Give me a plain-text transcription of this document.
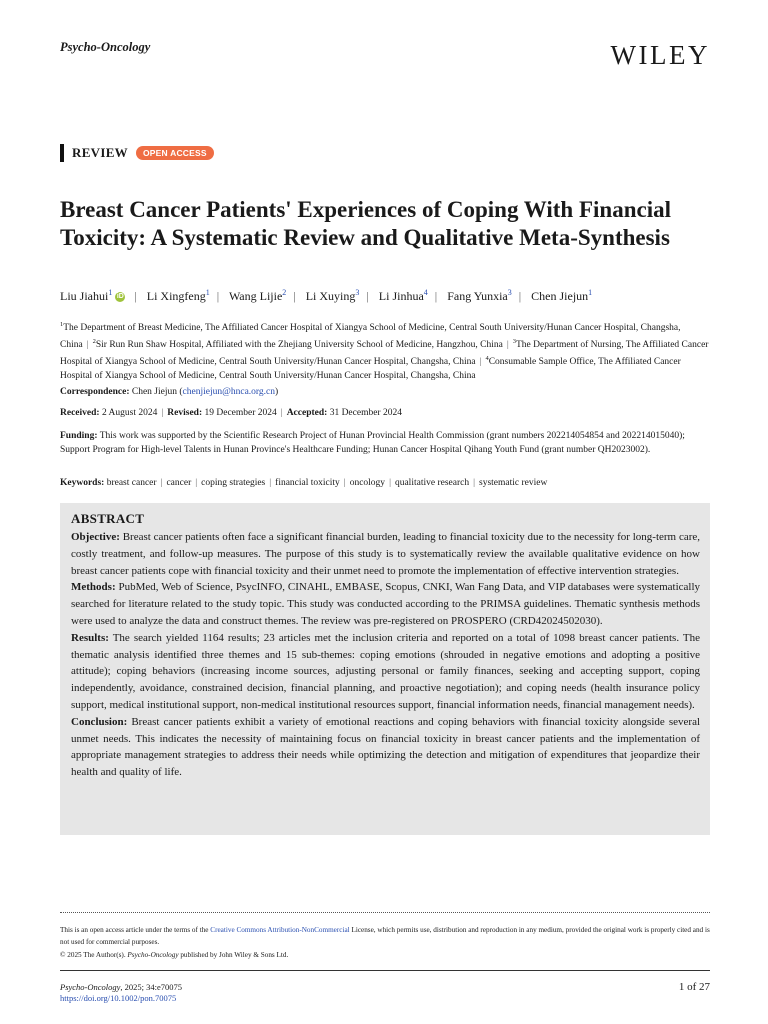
Psycho-Oncology	WILEY
REVIEW	OPEN ACCESS
Breast Cancer Patients' Experiences of Coping With Financial Toxicity: A Systematic Review and Qualitative Meta-Synthesis
Liu Jiahui$^1$ iD | Li Xingfeng$^1$ | Wang Lijie$^2$ | Li Xuying$^3$ | Li Jinhua$^4$ | Fang Yunxia$^3$ | Chen Jiejun$^1$

$^1$The Department of Breast Medicine, The Affiliated Cancer Hospital of Xiangya School of Medicine, Central South University/Hunan Cancer Hospital, Changsha, China | $^2$Sir Run Run Shaw Hospital, Affiliated with the Zhejiang University School of Medicine, Hangzhou, China | $^3$The Department of Nursing, The Affiliated Cancer Hospital of Xiangya School of Medicine, Central South University/Hunan Cancer Hospital, Changsha, China | $^4$Consumable Sample Office, The Affiliated Cancer Hospital of Xiangya School of Medicine, Central South University/Hunan Cancer Hospital, Changsha, China

Correspondence: Chen Jiejun (chenjiejun@hnca.org.cn)

Received: 2 August 2024 | Revised: 19 December 2024 | Accepted: 31 December 2024

Funding: This work was supported by the Scientific Research Project of Hunan Provincial Health Commission (grant numbers 202214054854 and 202214015040); Support Program for High-level Talents in Hunan Province's Healthcare Funding; Hunan Cancer Hospital Qihang Youth Fund (grant number QH2023002).

Keywords: breast cancer | cancer | coping strategies | financial toxicity | oncology | qualitative research | systematic review

ABSTRACT

Objective: Breast cancer patients often face a significant financial burden, leading to financial toxicity due to the necessity for long-term care, costly treatment, and follow-up measures. The purpose of this study is to systematically review the available qualitative evidence on how breast cancer patients cope with financial toxicity and their unmet need to promote the implementation of effective intervention strategies.

Methods: PubMed, Web of Science, PsycINFO, CINAHL, EMBASE, Scopus, CNKI, Wan Fang Data, and VIP databases were systematically searched for literature related to the study topic. This study was conducted according to the PRIMSA guidelines. Thematic synthesis methods were used to analyze the data and construct themes. The review was pre-registered on PROSPERO (CRD42024502030).

Results: The search yielded 1164 results; 23 articles met the inclusion criteria and reported on a total of 1098 breast cancer patients. The thematic analysis identified three themes and 15 sub-themes: coping emotions (shrouded in negative emotions and adopting a positive attitude); coping behaviors (increasing income sources, adjusting personal or family finances, seeking and accepting support, coping independently, avoidance, constrained decision, financial planning, and proactive negotiation); and coping needs (health insurance policy support, medical institutional support, non-medical institutional resources support, financial information needs, financial management needs).

Conclusion: Breast cancer patients exhibit a variety of emotional reactions and coping behaviors with financial toxicity alongside several unmet needs. This indicates the necessity of maintaining focus on financial toxicity in breast cancer patients and the implementation of appropriate management strategies to address their needs while optimizing the detection and mitigation of expenditures that jeopardize their health and quality of life.

This is an open access article under the terms of the Creative Commons Attribution-NonCommercial License, which permits use, distribution and reproduction in any medium, provided the original work is properly cited and is not used for commercial purposes.
© 2025 The Author(s). Psycho-Oncology published by John Wiley & Sons Ltd.

Psycho-Oncology, 2025; 34:e70075
https://doi.org/10.1002/pon.70075
1 of 27
